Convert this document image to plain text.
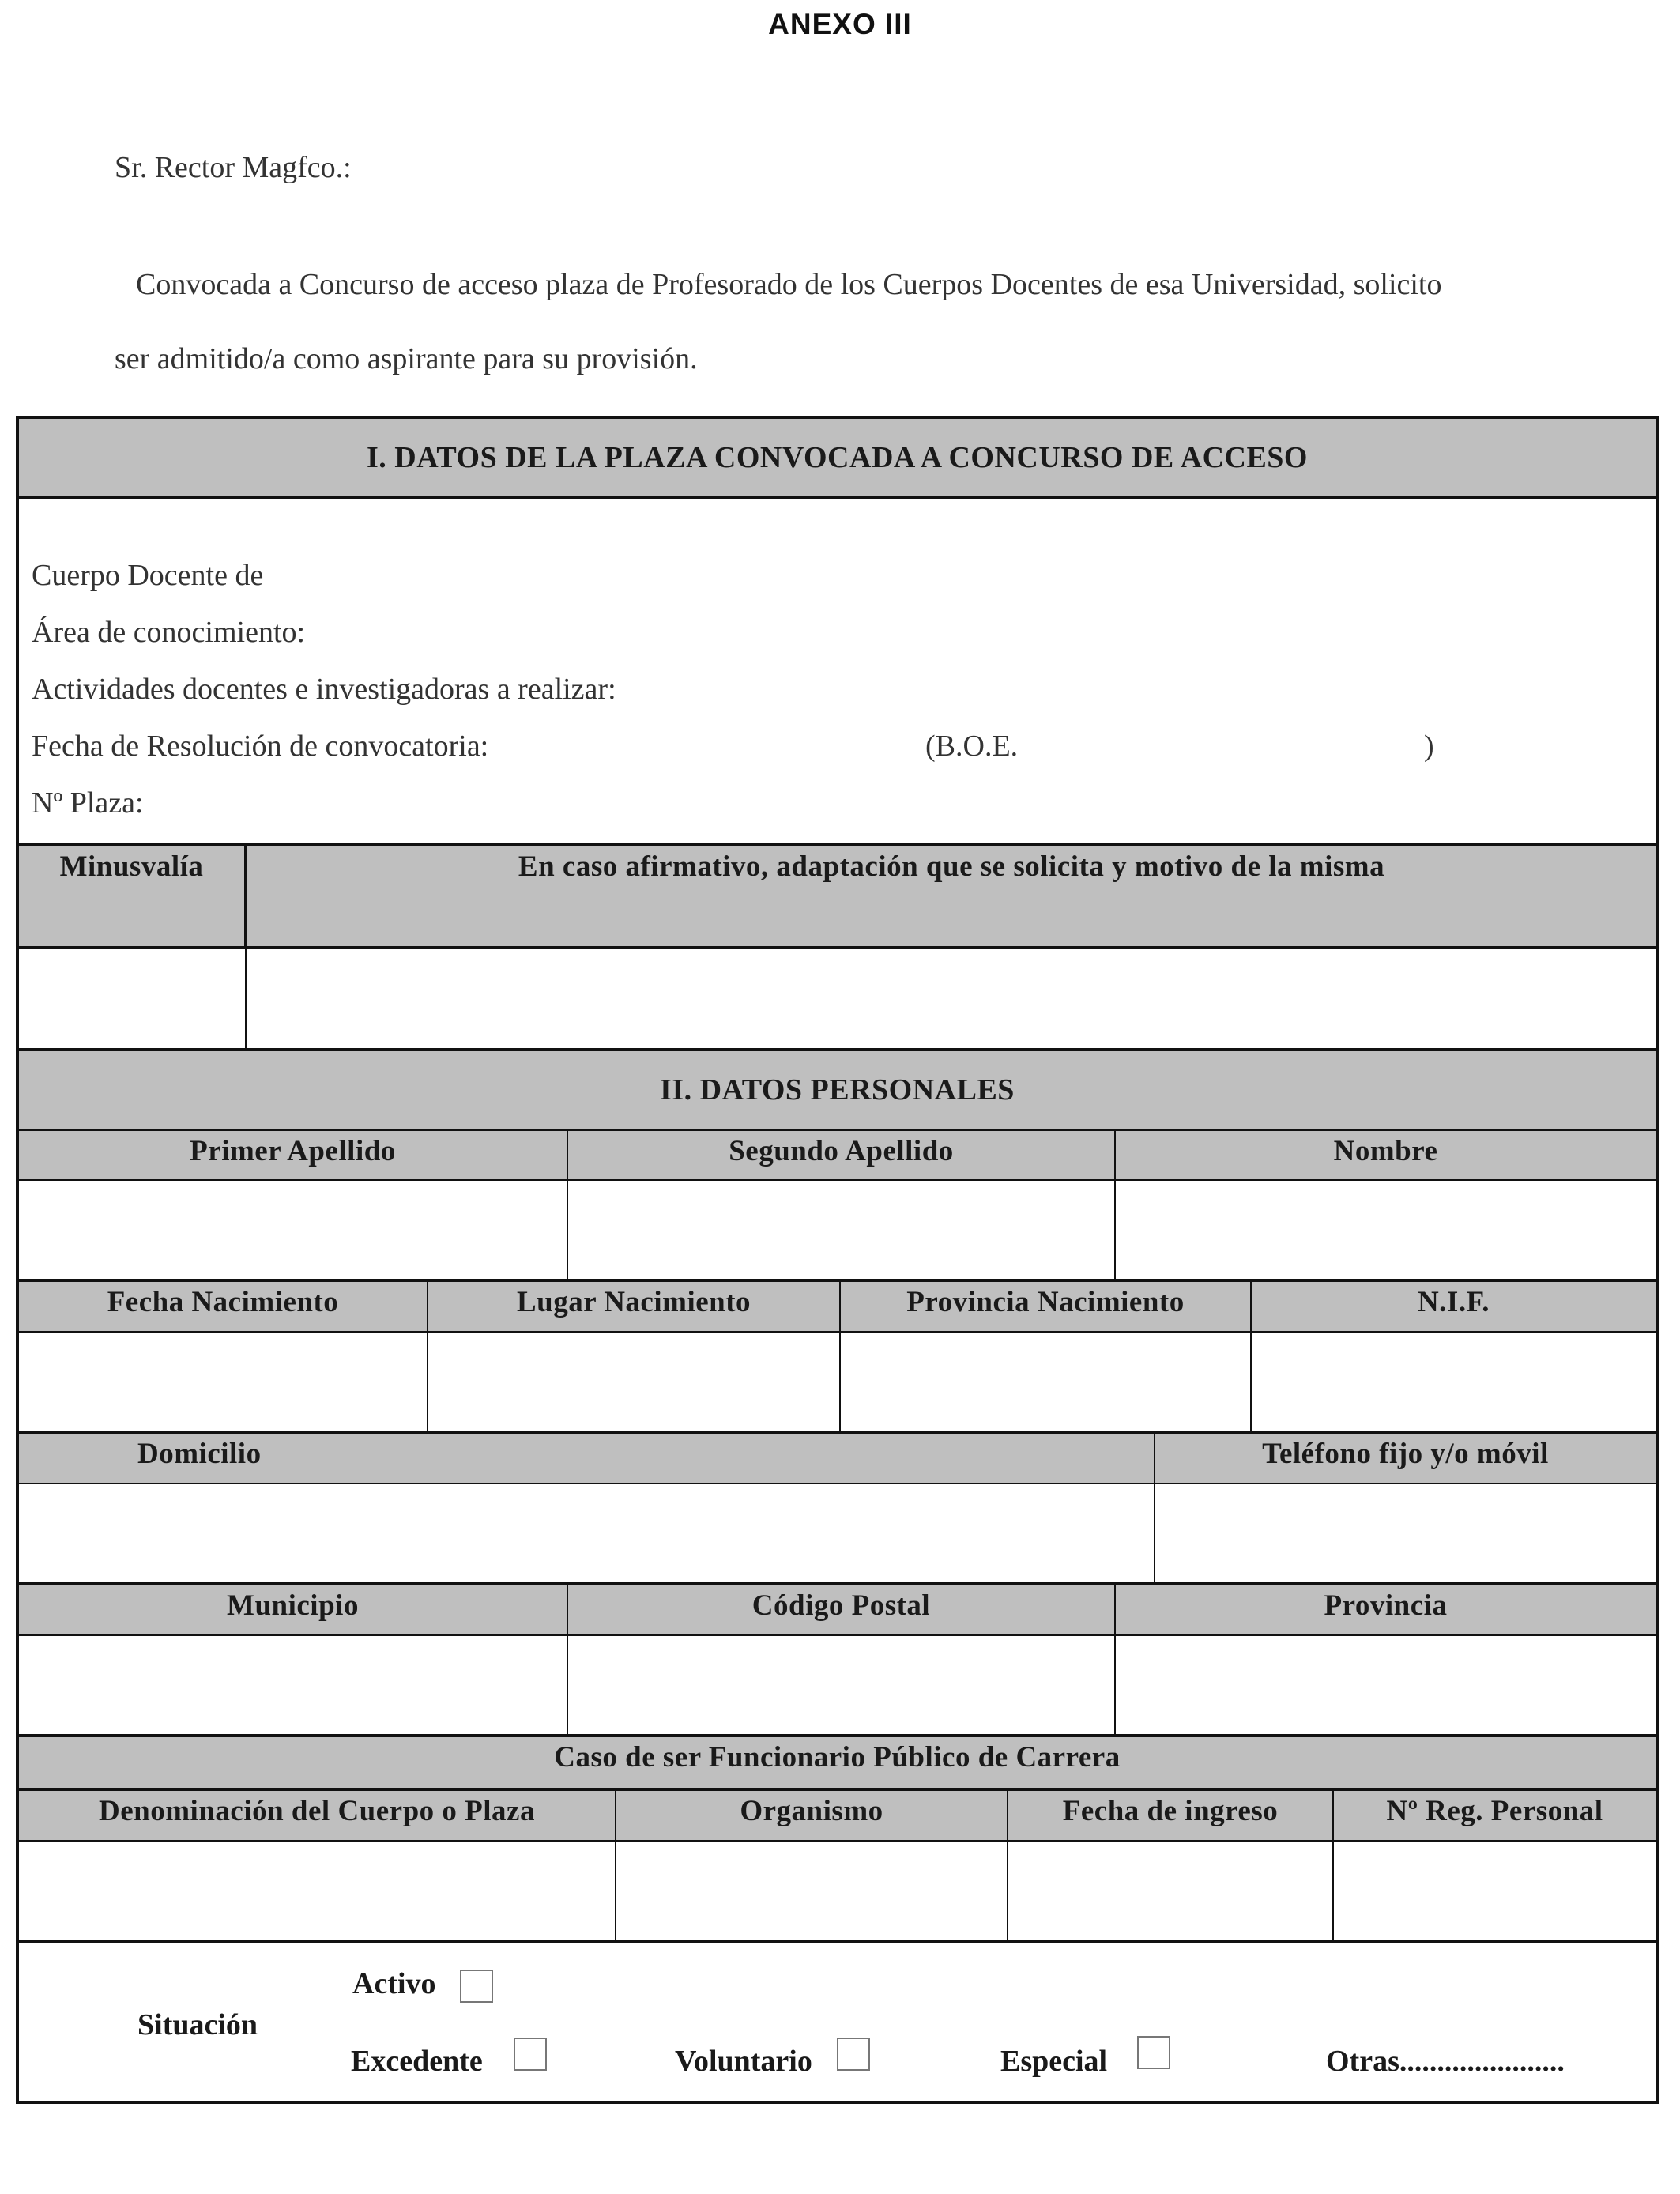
ANEXO III
Sr. Rector Magfco.:
Convocada a Concurso de acceso plaza de Profesorado de los Cuerpos Docentes de esa Universidad, solicito
ser admitido/a como aspirante para su provisión.
I. DATOS DE LA PLAZA CONVOCADA A CONCURSO DE ACCESO
Cuerpo Docente de
Área de conocimiento:
Actividades docentes e investigadoras a realizar:
Fecha de Resolución de convocatoria:	(B.O.E.	)
Nº Plaza:
Minusvalía	En caso afirmativo, adaptación que se solicita y motivo de la misma
II. DATOS PERSONALES
Primer Apellido	Segundo Apellido	Nombre
Fecha Nacimiento	Lugar Nacimiento	Provincia Nacimiento	N.I.F.
Domicilio	Teléfono fijo y/o móvil
Municipio	Código Postal	Provincia
Caso de ser Funcionario Público de Carrera
Denominación del Cuerpo o Plaza	Organismo	Fecha de ingreso	Nº Reg. Personal
Situación
Activo
Excedente	Voluntario	Especial	Otras......................
